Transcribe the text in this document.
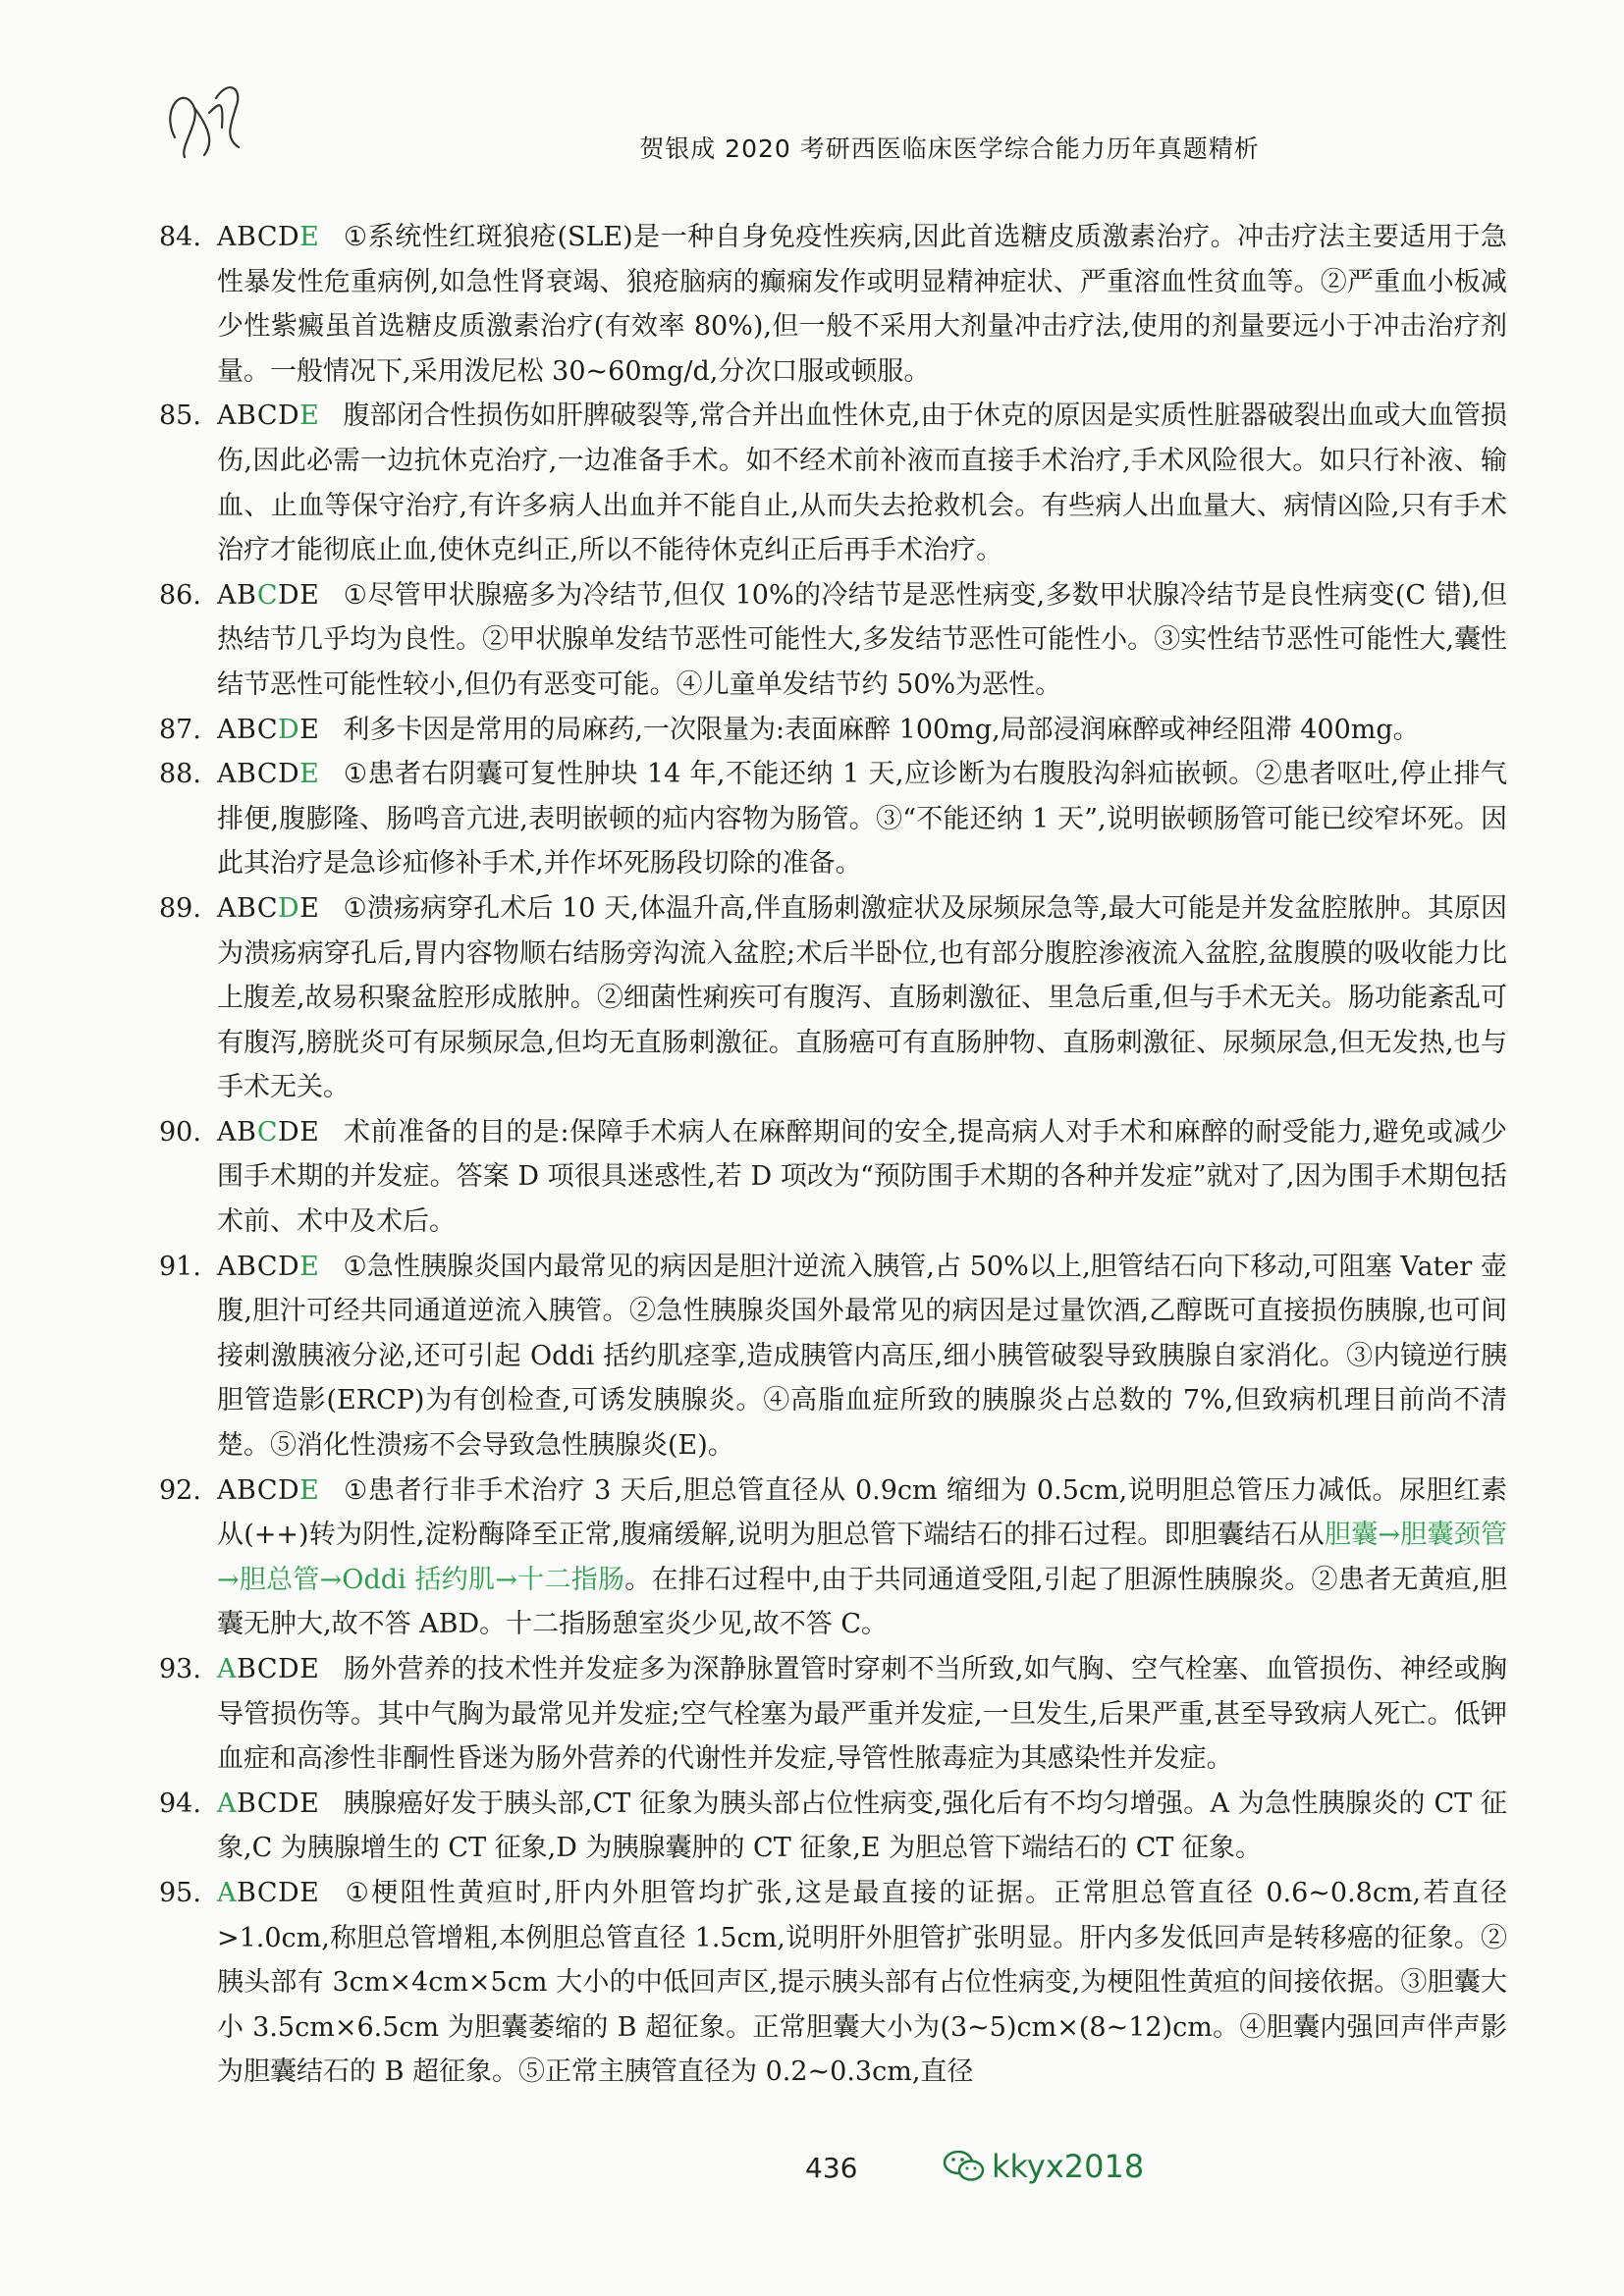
贺银成 2020 考研西医临床医学综合能力历年真题精析
84. ABCDE ①系统性红斑狼疮(SLE)是一种自身免疫性疾病,因此首选糖皮质激素治疗。冲击疗法主要适用于急性暴发性危重病例,如急性肾衰竭、狼疮脑病的癫痫发作或明显精神症状、严重溶血性贫血等。②严重血小板减少性紫癜虽首选糖皮质激素治疗(有效率 80%),但一般不采用大剂量冲击疗法,使用的剂量要远小于冲击治疗剂量。一般情况下,采用泼尼松 30~60mg/d,分次口服或顿服。
85. ABCDE 腹部闭合性损伤如肝脾破裂等,常合并出血性休克,由于休克的原因是实质性脏器破裂出血或大血管损伤,因此必需一边抗休克治疗,一边准备手术。如不经术前补液而直接手术治疗,手术风险很大。如只行补液、输血、止血等保守治疗,有许多病人出血并不能自止,从而失去抢救机会。有些病人出血量大、病情凶险,只有手术治疗才能彻底止血,使休克纠正,所以不能待休克纠正后再手术治疗。
86. ABCDE ①尽管甲状腺癌多为冷结节,但仅 10%的冷结节是恶性病变,多数甲状腺冷结节是良性病变(C 错),但热结节几乎均为良性。②甲状腺单发结节恶性可能性大,多发结节恶性可能性小。③实性结节恶性可能性大,囊性结节恶性可能性较小,但仍有恶变可能。④儿童单发结节约 50%为恶性。
87. ABCDE 利多卡因是常用的局麻药,一次限量为:表面麻醉 100mg,局部浸润麻醉或神经阻滞 400mg。
88. ABCDE ①患者右阴囊可复性肿块 14 年,不能还纳 1 天,应诊断为右腹股沟斜疝嵌顿。②患者呕吐,停止排气排便,腹膨隆、肠鸣音亢进,表明嵌顿的疝内容物为肠管。③“不能还纳 1 天”,说明嵌顿肠管可能已绞窄坏死。因此其治疗是急诊疝修补手术,并作坏死肠段切除的准备。
89. ABCDE ①溃疡病穿孔术后 10 天,体温升高,伴直肠刺激症状及尿频尿急等,最大可能是并发盆腔脓肿。其原因为溃疡病穿孔后,胃内容物顺右结肠旁沟流入盆腔;术后半卧位,也有部分腹腔渗液流入盆腔,盆腹膜的吸收能力比上腹差,故易积聚盆腔形成脓肿。②细菌性痢疾可有腹泻、直肠刺激征、里急后重,但与手术无关。肠功能紊乱可有腹泻,膀胱炎可有尿频尿急,但均无直肠刺激征。直肠癌可有直肠肿物、直肠刺激征、尿频尿急,但无发热,也与手术无关。
90. ABCDE 术前准备的目的是:保障手术病人在麻醉期间的安全,提高病人对手术和麻醉的耐受能力,避免或减少围手术期的并发症。答案 D 项很具迷惑性,若 D 项改为“预防围手术期的各种并发症”就对了,因为围手术期包括术前、术中及术后。
91. ABCDE ①急性胰腺炎国内最常见的病因是胆汁逆流入胰管,占 50%以上,胆管结石向下移动,可阻塞 Vater 壶腹,胆汁可经共同通道逆流入胰管。②急性胰腺炎国外最常见的病因是过量饮酒,乙醇既可直接损伤胰腺,也可间接刺激胰液分泌,还可引起 Oddi 括约肌痉挛,造成胰管内高压,细小胰管破裂导致胰腺自家消化。③内镜逆行胰胆管造影(ERCP)为有创检查,可诱发胰腺炎。④高脂血症所致的胰腺炎占总数的 7%,但致病机理目前尚不清楚。⑤消化性溃疡不会导致急性胰腺炎(E)。
92. ABCDE ①患者行非手术治疗 3 天后,胆总管直径从 0.9cm 缩细为 0.5cm,说明胆总管压力减低。尿胆红素从(++)转为阴性,淀粉酶降至正常,腹痛缓解,说明为胆总管下端结石的排石过程。即胆囊结石从胆囊→胆囊颈管→胆总管→Oddi 括约肌→十二指肠。在排石过程中,由于共同通道受阻,引起了胆源性胰腺炎。②患者无黄疸,胆囊无肿大,故不答 ABD。十二指肠憩室炎少见,故不答 C。
93. ABCDE 肠外营养的技术性并发症多为深静脉置管时穿刺不当所致,如气胸、空气栓塞、血管损伤、神经或胸导管损伤等。其中气胸为最常见并发症;空气栓塞为最严重并发症,一旦发生,后果严重,甚至导致病人死亡。低钾血症和高渗性非酮性昏迷为肠外营养的代谢性并发症,导管性脓毒症为其感染性并发症。
94. ABCDE 胰腺癌好发于胰头部,CT 征象为胰头部占位性病变,强化后有不均匀增强。A 为急性胰腺炎的 CT 征象,C 为胰腺增生的 CT 征象,D 为胰腺囊肿的 CT 征象,E 为胆总管下端结石的 CT 征象。
95. ABCDE ①梗阻性黄疸时,肝内外胆管均扩张,这是最直接的证据。正常胆总管直径 0.6~0.8cm,若直径>1.0cm,称胆总管增粗,本例胆总管直径 1.5cm,说明肝外胆管扩张明显。肝内多发低回声是转移癌的征象。②胰头部有 3cm×4cm×5cm 大小的中低回声区,提示胰头部有占位性病变,为梗阻性黄疸的间接依据。③胆囊大小 3.5cm×6.5cm 为胆囊萎缩的 B 超征象。正常胆囊大小为(3~5)cm×(8~12)cm。④胆囊内强回声伴声影为胆囊结石的 B 超征象。⑤正常主胰管直径为 0.2~0.3cm,直径
436	kkyx2018
